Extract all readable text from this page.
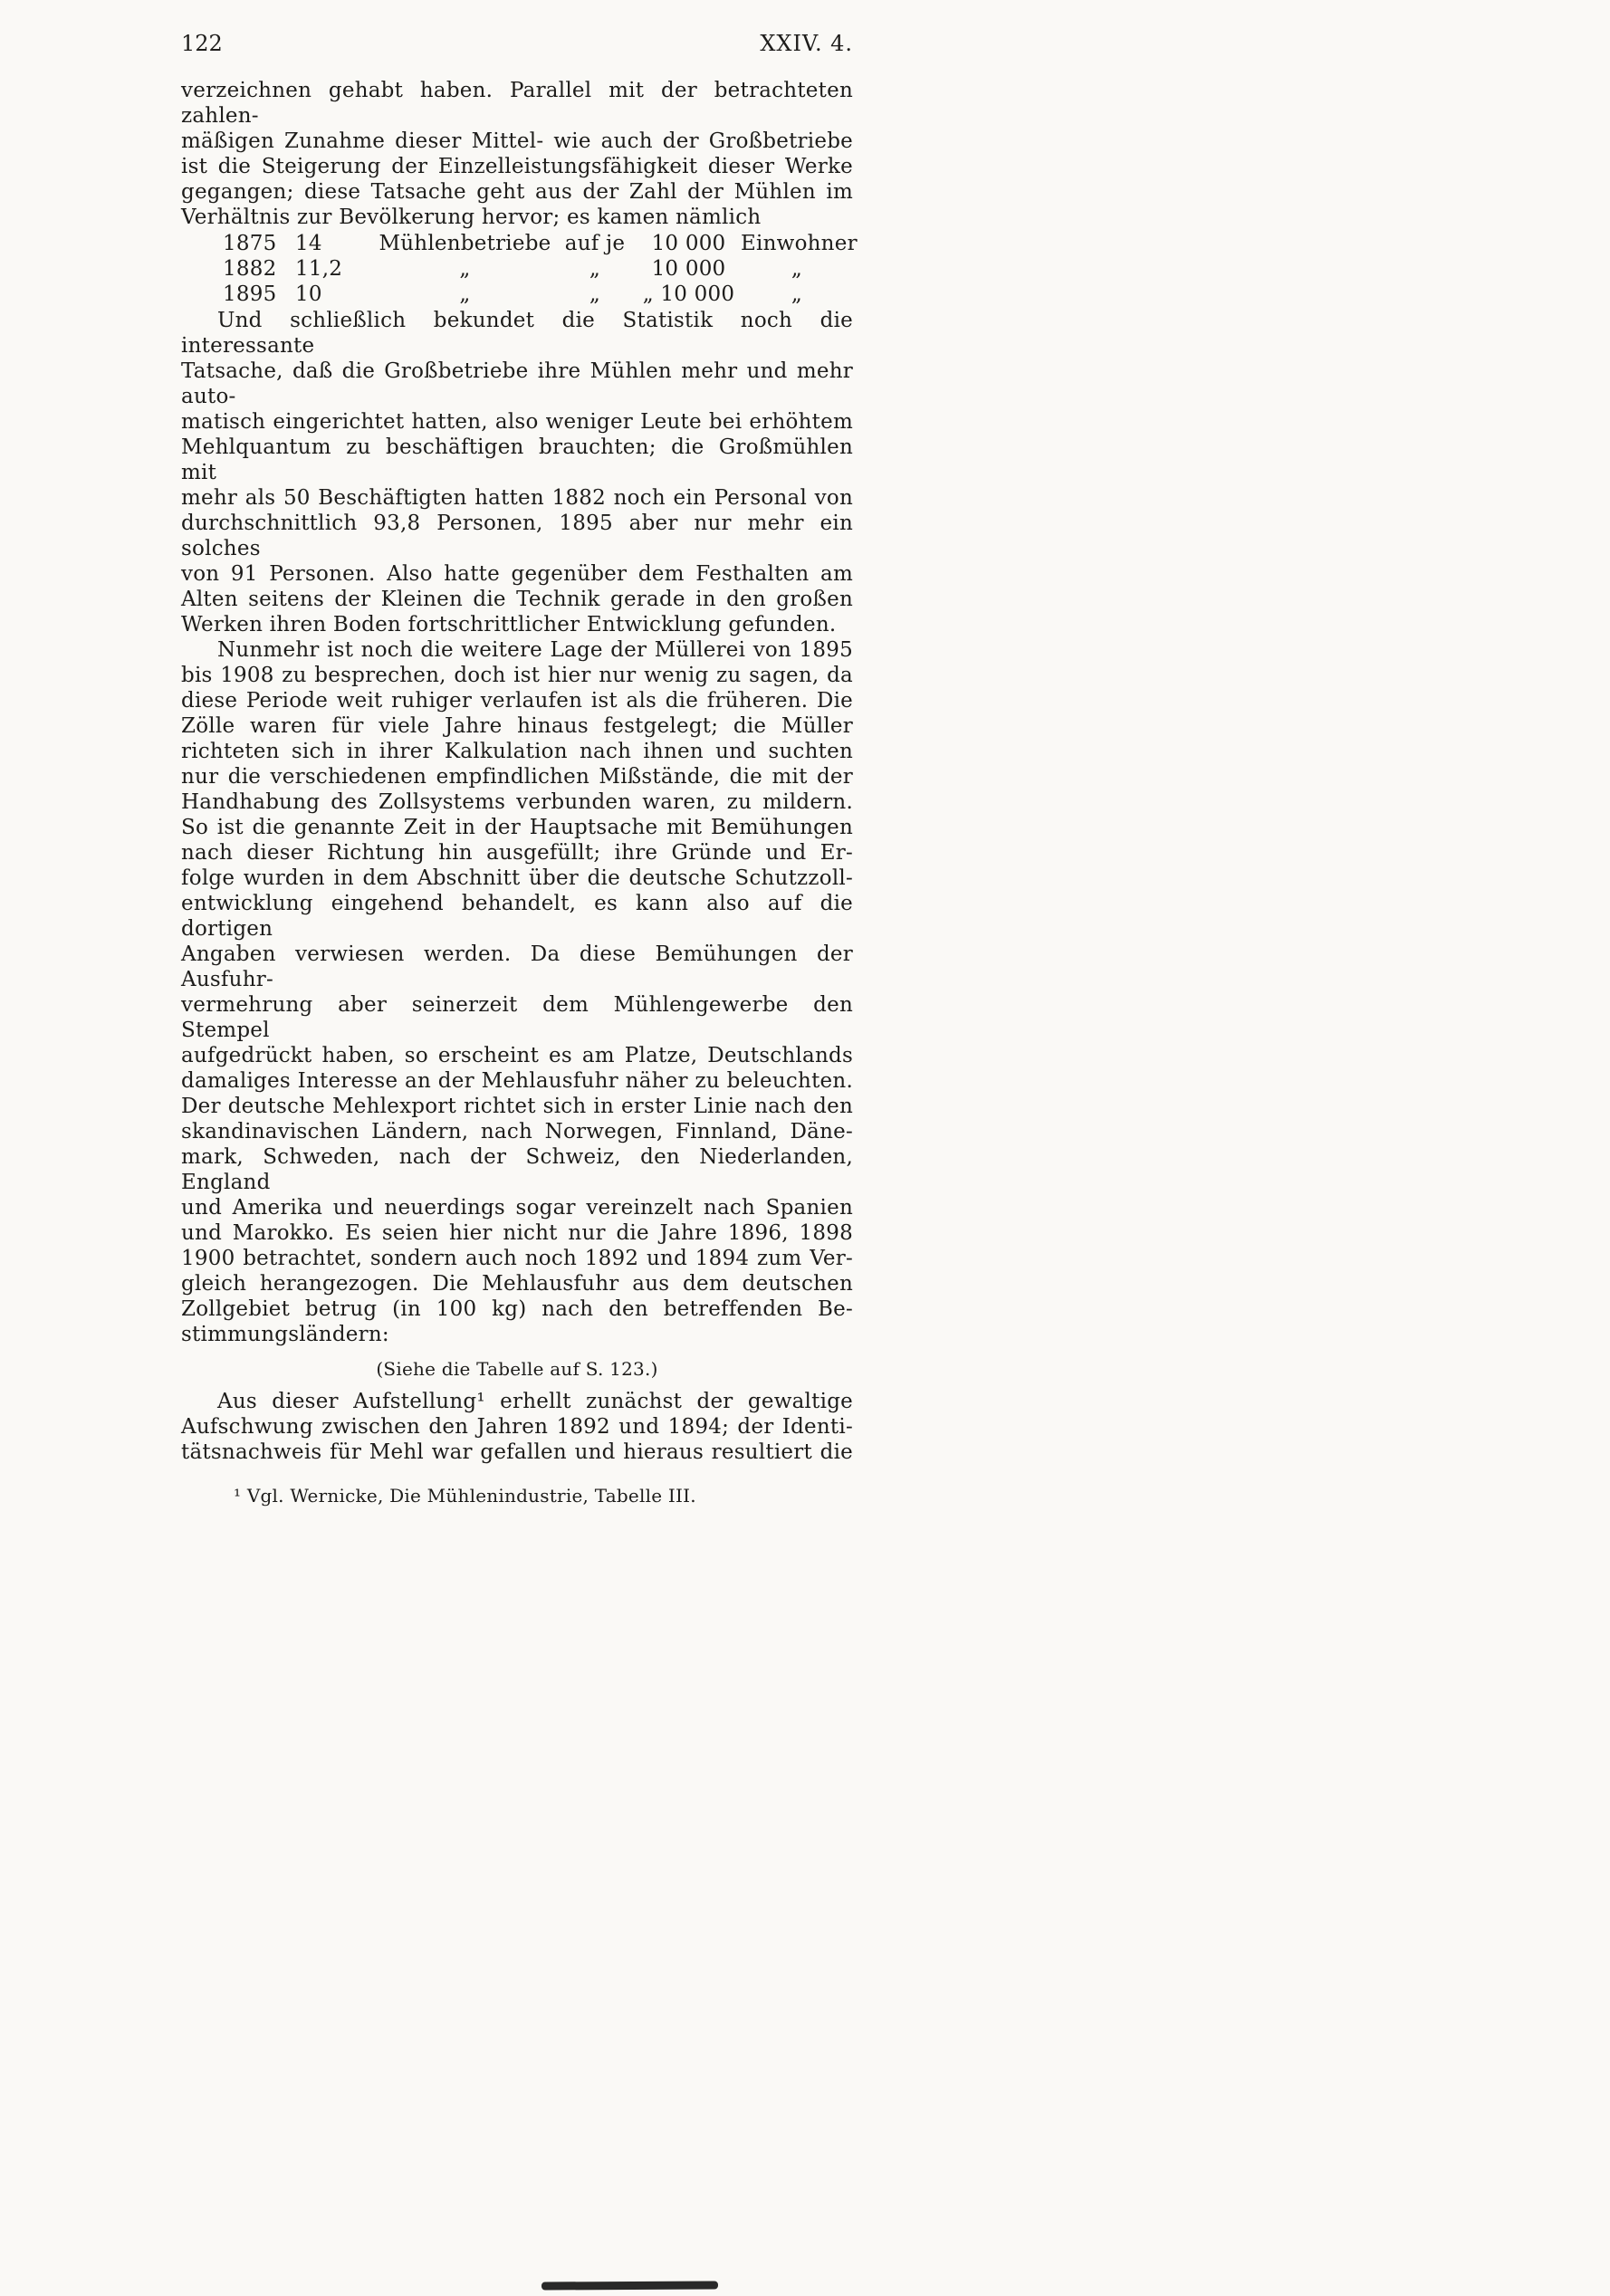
122	XXIV. 4.
verzeichnen gehabt haben. Parallel mit der betrachteten zahlen-
mäßigen Zunahme dieser Mittel- wie auch der Großbetriebe
ist die Steigerung der Einzelleistungsfähigkeit dieser Werke
gegangen; diese Tatsache geht aus der Zahl der Mühlen im
Verhältnis zur Bevölkerung hervor; es kamen nämlich
1875 14	Mühlenbetriebe auf je	10 000 Einwohner
1882 11,2	„	„	10 000	„
1895 10	„	„	„ 10 000	„
Und schließlich bekundet die Statistik noch die interessante
Tatsache, daß die Großbetriebe ihre Mühlen mehr und mehr auto-
matisch eingerichtet hatten, also weniger Leute bei erhöhtem
Mehlquantum zu beschäftigen brauchten; die Großmühlen mit
mehr als 50 Beschäftigten hatten 1882 noch ein Personal von
durchschnittlich 93,8 Personen, 1895 aber nur mehr ein solches
von 91 Personen. Also hatte gegenüber dem Festhalten am
Alten seitens der Kleinen die Technik gerade in den großen
Werken ihren Boden fortschrittlicher Entwicklung gefunden.
Nunmehr ist noch die weitere Lage der Müllerei von 1895
bis 1908 zu besprechen, doch ist hier nur wenig zu sagen, da
diese Periode weit ruhiger verlaufen ist als die früheren. Die
Zölle waren für viele Jahre hinaus festgelegt; die Müller
richteten sich in ihrer Kalkulation nach ihnen und suchten
nur die verschiedenen empfindlichen Mißstände, die mit der
Handhabung des Zollsystems verbunden waren, zu mildern.
So ist die genannte Zeit in der Hauptsache mit Bemühungen
nach dieser Richtung hin ausgefüllt; ihre Gründe und Er-
folge wurden in dem Abschnitt über die deutsche Schutzzoll-
entwicklung eingehend behandelt, es kann also auf die dortigen
Angaben verwiesen werden. Da diese Bemühungen der Ausfuhr-
vermehrung aber seinerzeit dem Mühlengewerbe den Stempel
aufgedrückt haben, so erscheint es am Platze, Deutschlands
damaliges Interesse an der Mehlausfuhr näher zu beleuchten.
Der deutsche Mehlexport richtet sich in erster Linie nach den
skandinavischen Ländern, nach Norwegen, Finnland, Däne-
mark, Schweden, nach der Schweiz, den Niederlanden, England
und Amerika und neuerdings sogar vereinzelt nach Spanien
und Marokko. Es seien hier nicht nur die Jahre 1896, 1898
1900 betrachtet, sondern auch noch 1892 und 1894 zum Ver-
gleich herangezogen. Die Mehlausfuhr aus dem deutschen
Zollgebiet betrug (in 100 kg) nach den betreffenden Be-
stimmungsländern:
(Siehe die Tabelle auf S. 123.)
Aus dieser Aufstellung¹ erhellt zunächst der gewaltige
Aufschwung zwischen den Jahren 1892 und 1894; der Identi-
tätsnachweis für Mehl war gefallen und hieraus resultiert die
¹ Vgl. Wernicke, Die Mühlenindustrie, Tabelle III.
